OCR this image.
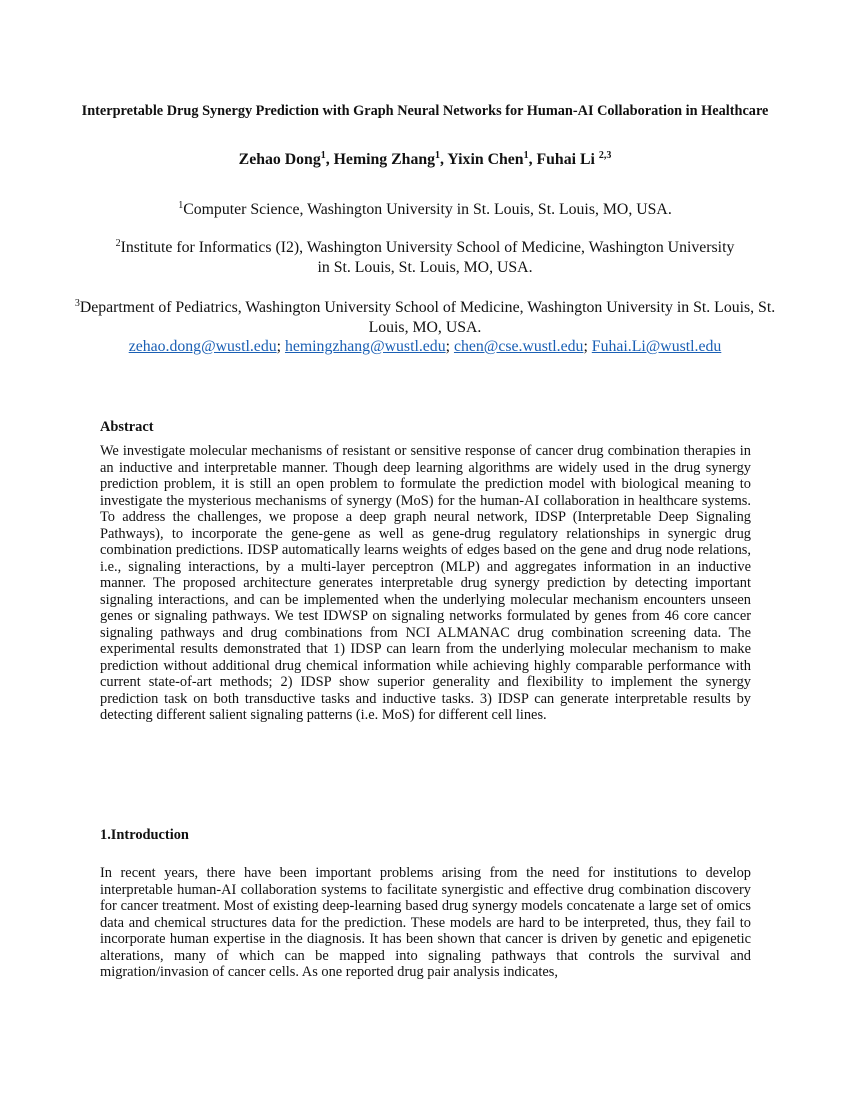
Interpretable Drug Synergy Prediction with Graph Neural Networks for Human-AI Collaboration in Healthcare
Zehao Dong$^1$, Heming Zhang$^1$, Yixin Chen$^1$, Fuhai Li $^{2,3}$
$^1$Computer Science, Washington University in St. Louis, St. Louis, MO, USA.
$^2$Institute for Informatics (I2), Washington University School of Medicine, Washington University in St. Louis, St. Louis, MO, USA.
$^3$Department of Pediatrics, Washington University School of Medicine, Washington University in St. Louis, St. Louis, MO, USA.
zehao.dong@wustl.edu; hemingzhang@wustl.edu; chen@cse.wustl.edu; Fuhai.Li@wustl.edu
Abstract

We investigate molecular mechanisms of resistant or sensitive response of cancer drug combination therapies in an inductive and interpretable manner. Though deep learning algorithms are widely used in the drug synergy prediction problem, it is still an open problem to formulate the prediction model with biological meaning to investigate the mysterious mechanisms of synergy (MoS) for the human-AI collaboration in healthcare systems. To address the challenges, we propose a deep graph neural network, IDSP (Interpretable Deep Signaling Pathways), to incorporate the gene-gene as well as gene-drug regulatory relationships in synergic drug combination predictions. IDSP automatically learns weights of edges based on the gene and drug node relations, i.e., signaling interactions, by a multi-layer perceptron (MLP) and aggregates information in an inductive manner. The proposed architecture generates interpretable drug synergy prediction by detecting important signaling interactions, and can be implemented when the underlying molecular mechanism encounters unseen genes or signaling pathways. We test IDWSP on signaling networks formulated by genes from 46 core cancer signaling pathways and drug combinations from NCI ALMANAC drug combination screening data. The experimental results demonstrated that 1) IDSP can learn from the underlying molecular mechanism to make prediction without additional drug chemical information while achieving highly comparable performance with current state-of-art methods; 2) IDSP show superior generality and flexibility to implement the synergy prediction task on both transductive tasks and inductive tasks. 3) IDSP can generate interpretable results by detecting different salient signaling patterns (i.e. MoS) for different cell lines.

1.Introduction

In recent years, there have been important problems arising from the need for institutions to develop interpretable human-AI collaboration systems to facilitate synergistic and effective drug combination discovery for cancer treatment. Most of existing deep-learning based drug synergy models concatenate a large set of omics data and chemical structures data for the prediction. These models are hard to be interpreted, thus, they fail to incorporate human expertise in the diagnosis. It has been shown that cancer is driven by genetic and epigenetic alterations, many of which can be mapped into signaling pathways that controls the survival and migration/invasion of cancer cells. As one reported drug pair analysis indicates,
